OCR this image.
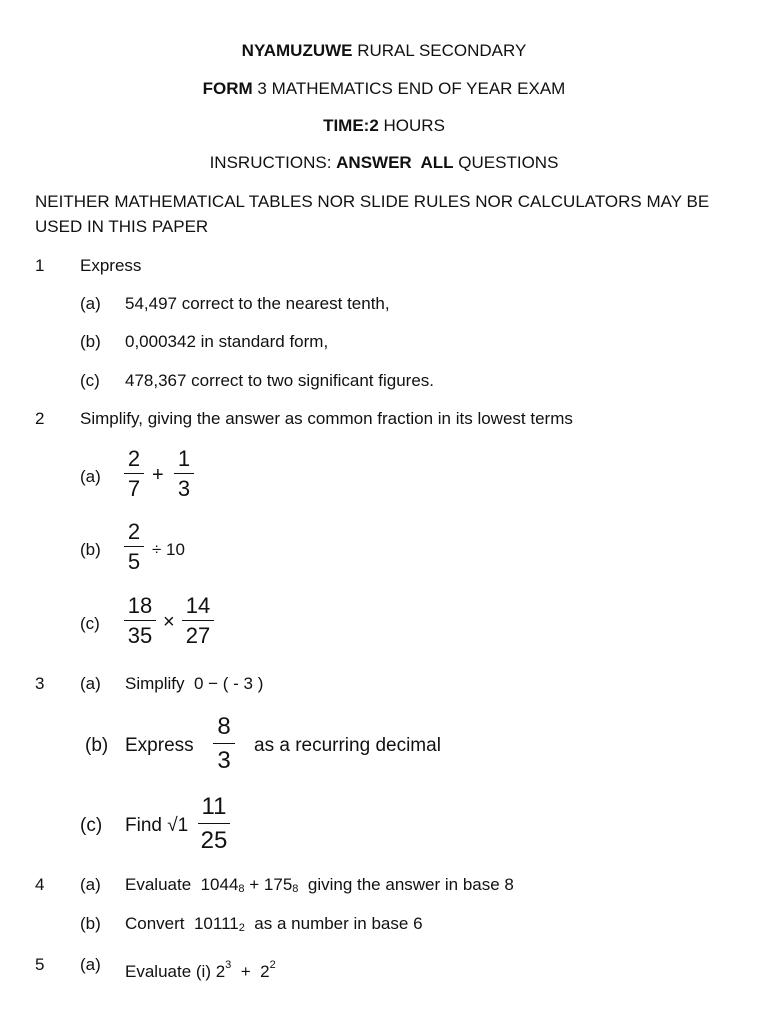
NYAMUZUWE RURAL SECONDARY
FORM 3 MATHEMATICS END OF YEAR EXAM
TIME:2 HOURS
INSRUCTIONS: ANSWER  ALL QUESTIONS
NEITHER MATHEMATICAL TABLES NOR SLIDE RULES NOR CALCULATORS MAY BE USED IN THIS PAPER
1 Express
(a) 54,497 correct to the nearest tenth,
(b) 0,000342 in standard form,
(c) 478,367 correct to two significant figures.
2 Simplify, giving the answer as common fraction in its lowest terms
(a)
2
7
+
1
3
(b)
2
5 ÷ 10
(c)
18
35
×
14
27
3 (a) Simplify  0 − ( - 3 )
(b) Express
8
3
as a recurring decimal
(c) Find √1
11
25
4 (a) Evaluate  $1044_8 + 175_8$  giving the answer in base 8
(b) Convert  $10111_2$  as a number in base 6
5 (a) Evaluate (i) $2^3 + 2^2$
